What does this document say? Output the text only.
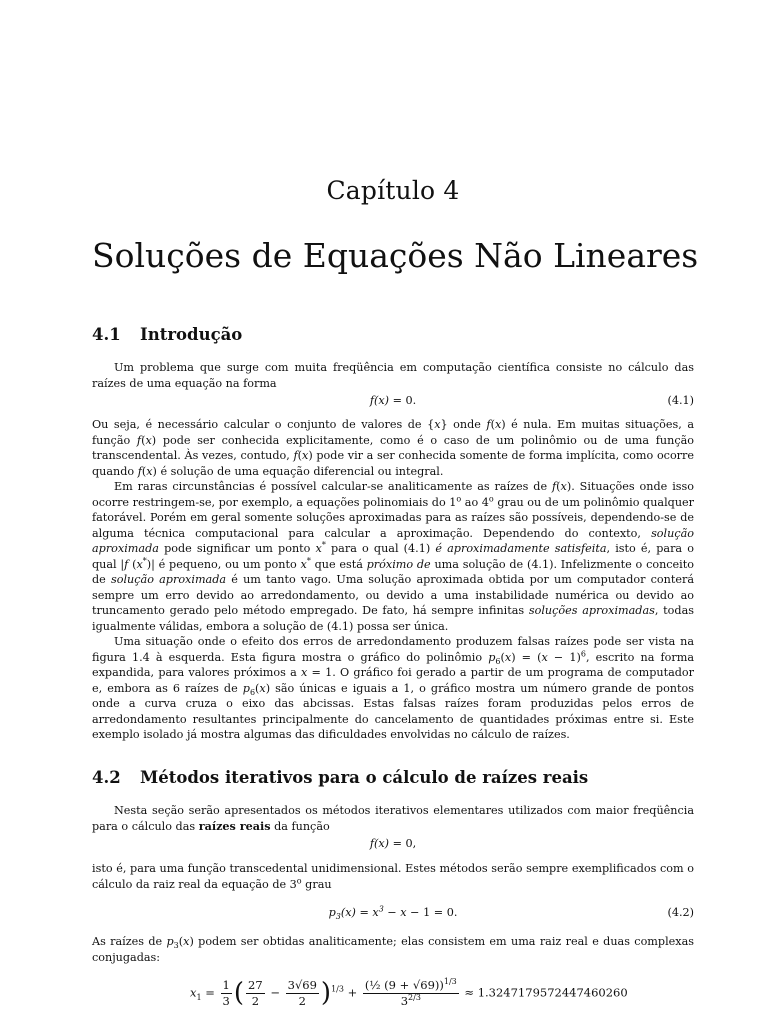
Capítulo 4
Soluções de Equações Não Lineares
4.1 Introdução

Um problema que surge com muita freqüência em computação científica consiste no cálculo das raízes de uma equação na forma

f(x) = 0.	(4.1)

Ou seja, é necessário calcular o conjunto de valores de {x} onde f(x) é nula. Em muitas situações, a função f(x) pode ser conhecida explicitamente, como é o caso de um polinômio ou de uma função transcendental. Às vezes, contudo, f(x) pode vir a ser conhecida somente de forma implícita, como ocorre quando f(x) é solução de uma equação diferencial ou integral.

Em raras circunstâncias é possível calcular-se analiticamente as raízes de f(x). Situações onde isso ocorre restringem-se, por exemplo, a equações polinomiais do 1$^o$ ao 4$^o$ grau ou de um polinômio qualquer fatorável. Porém em geral somente soluções aproximadas para as raízes são possíveis, dependendo-se de alguma técnica computacional para calcular a aproximação. Dependendo do contexto, solução aproximada pode significar um ponto x* para o qual (4.1) é aproximadamente satisfeita, isto é, para o qual |f (x*)| é pequeno, ou um ponto x* que está próximo de uma solução de (4.1). Infelizmente o conceito de solução aproximada é um tanto vago. Uma solução aproximada obtida por um computador conterá sempre um erro devido ao arredondamento, ou devido a uma instabilidade numérica ou devido ao truncamento gerado pelo método empregado. De fato, há sempre infinitas soluções aproximadas, todas igualmente válidas, embora a solução de (4.1) possa ser única.

Uma situação onde o efeito dos erros de arredondamento produzem falsas raízes pode ser vista na figura 1.4 à esquerda. Esta figura mostra o gráfico do polinômio $p_6(x) = (x - 1)^6$, escrito na forma expandida, para valores próximos a x = 1. O gráfico foi gerado a partir de um programa de computador e, embora as 6 raízes de $p_6(x)$ são únicas e iguais a 1, o gráfico mostra um número grande de pontos onde a curva cruza o eixo das abcissas. Estas falsas raízes foram produzidas pelos erros de arredondamento resultantes principalmente do cancelamento de quantidades próximas entre si. Este exemplo isolado já mostra algumas das dificuldades envolvidas no cálculo de raízes.

4.2 Métodos iterativos para o cálculo de raízes reais

Nesta seção serão apresentados os métodos iterativos elementares utilizados com maior freqüência para o cálculo das raízes reais da função

f(x) = 0,

isto é, para uma função transcedental unidimensional. Estes métodos serão sempre exemplificados com o cálculo da raiz real da equação de 3$^o$ grau

$p_3(x) = x^3 - x - 1 = 0$.	(4.2)

As raízes de $p_3(x)$ podem ser obtidas analiticamente; elas consistem em uma raiz real e duas complexas conjugadas:

$x_1 = \frac{1}{3}$ ( $\frac{27}{2} - \frac{3√69}{2} )^{1/3} + \frac{(\frac{1}{2} (9 + √69))^{1/3}}{3^{2/3}} \approx 1.3247179572447460260$
